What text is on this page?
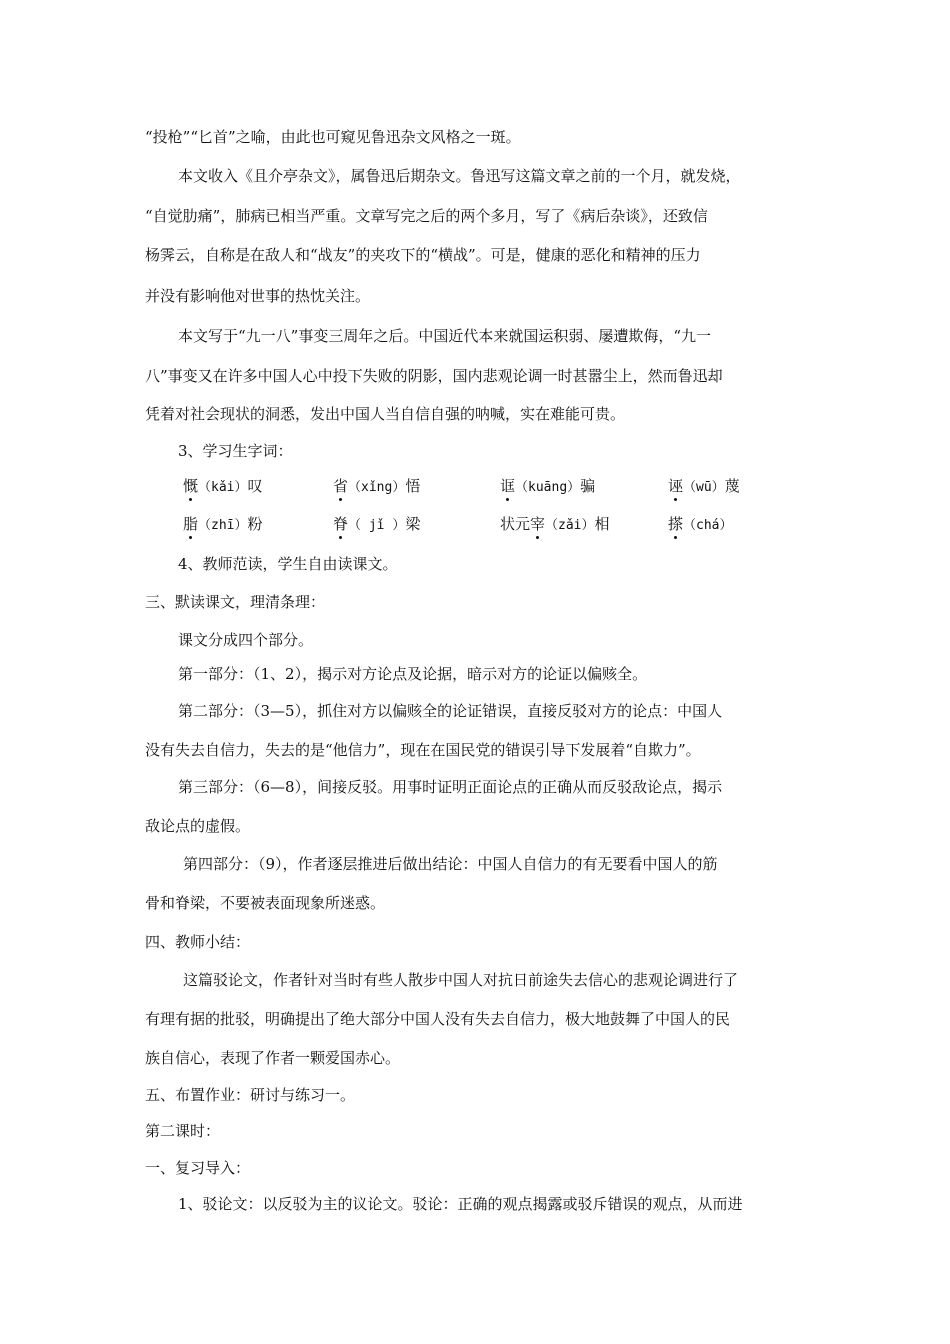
“投枪”“匕首”之喻，由此也可窥见鲁迅杂文风格之一斑。
本文收入《且介亭杂文》，属鲁迅后期杂文。鲁迅写这篇文章之前的一个月，就发烧，
“自觉肋痛”，肺病已相当严重。文章写完之后的两个多月，写了《病后杂谈》，还致信
杨霁云，自称是在敌人和“战友”的夹攻下的“横战”。可是，健康的恶化和精神的压力
并没有影响他对世事的热忱关注。
本文写于“九一八”事变三周年之后。中国近代本来就国运积弱、屡遭欺侮，“九一
八”事变又在许多中国人心中投下失败的阴影，国内悲观论调一时甚嚣尘上，然而鲁迅却
凭着对社会现状的洞悉，发出中国人当自信自强的呐喊，实在难能可贵。
3、学习生字词：
慨（kǎi）叹	省（xǐng）悟	诓（kuāng）骗	诬（wū）蔑
脂（zhī）粉	脊（ jǐ ）梁	状元宰（zǎi）相	搽（chá）
4、教师范读，学生自由读课文。
三、默读课文，理清条理：
课文分成四个部分。
第一部分：（1、2），揭示对方论点及论据，暗示对方的论证以偏赅全。
第二部分：（3—5），抓住对方以偏赅全的论证错误，直接反驳对方的论点：中国人
没有失去自信力，失去的是“他信力”，现在在国民党的错误引导下发展着“自欺力”。
第三部分：（6—8），间接反驳。用事时证明正面论点的正确从而反驳敌论点，揭示
敌论点的虚假。
第四部分：（9），作者逐层推进后做出结论：中国人自信力的有无要看中国人的筋
骨和脊梁，不要被表面现象所迷惑。
四、教师小结：
这篇驳论文，作者针对当时有些人散步中国人对抗日前途失去信心的悲观论调进行了
有理有据的批驳，明确提出了绝大部分中国人没有失去自信力，极大地鼓舞了中国人的民
族自信心，表现了作者一颗爱国赤心。
五、布置作业：研讨与练习一。
第二课时：
一、复习导入：
1、驳论文：以反驳为主的议论文。驳论：正确的观点揭露或驳斥错误的观点，从而进
